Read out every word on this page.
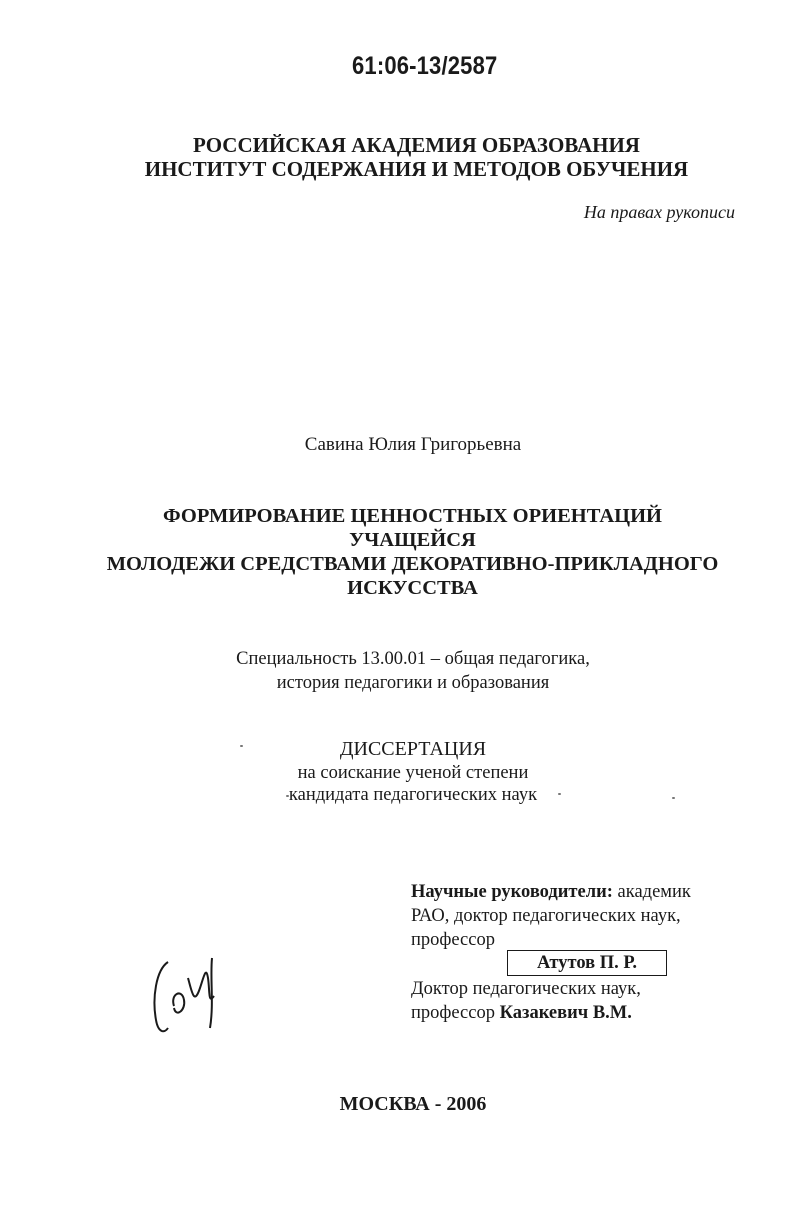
61:06-13/2587
РОССИЙСКАЯ АКАДЕМИЯ ОБРАЗОВАНИЯ
ИНСТИТУТ СОДЕРЖАНИЯ И МЕТОДОВ ОБУЧЕНИЯ
На правах рукописи
Савина Юлия Григорьевна
ФОРМИРОВАНИЕ ЦЕННОСТНЫХ ОРИЕНТАЦИЙ УЧАЩЕЙСЯ
МОЛОДЕЖИ СРЕДСТВАМИ ДЕКОРАТИВНО-ПРИКЛАДНОГО
ИСКУССТВА
Специальность 13.00.01 – общая педагогика,
история педагогики и образования
ДИССЕРТАЦИЯ
на соискание ученой степени
кандидата педагогических наук
Научные руководители: академик
РАО, доктор педагогических наук,
профессор
Атутов П. Р.
Доктор педагогических наук,
профессор Казакевич В.М.
МОСКВА - 2006
